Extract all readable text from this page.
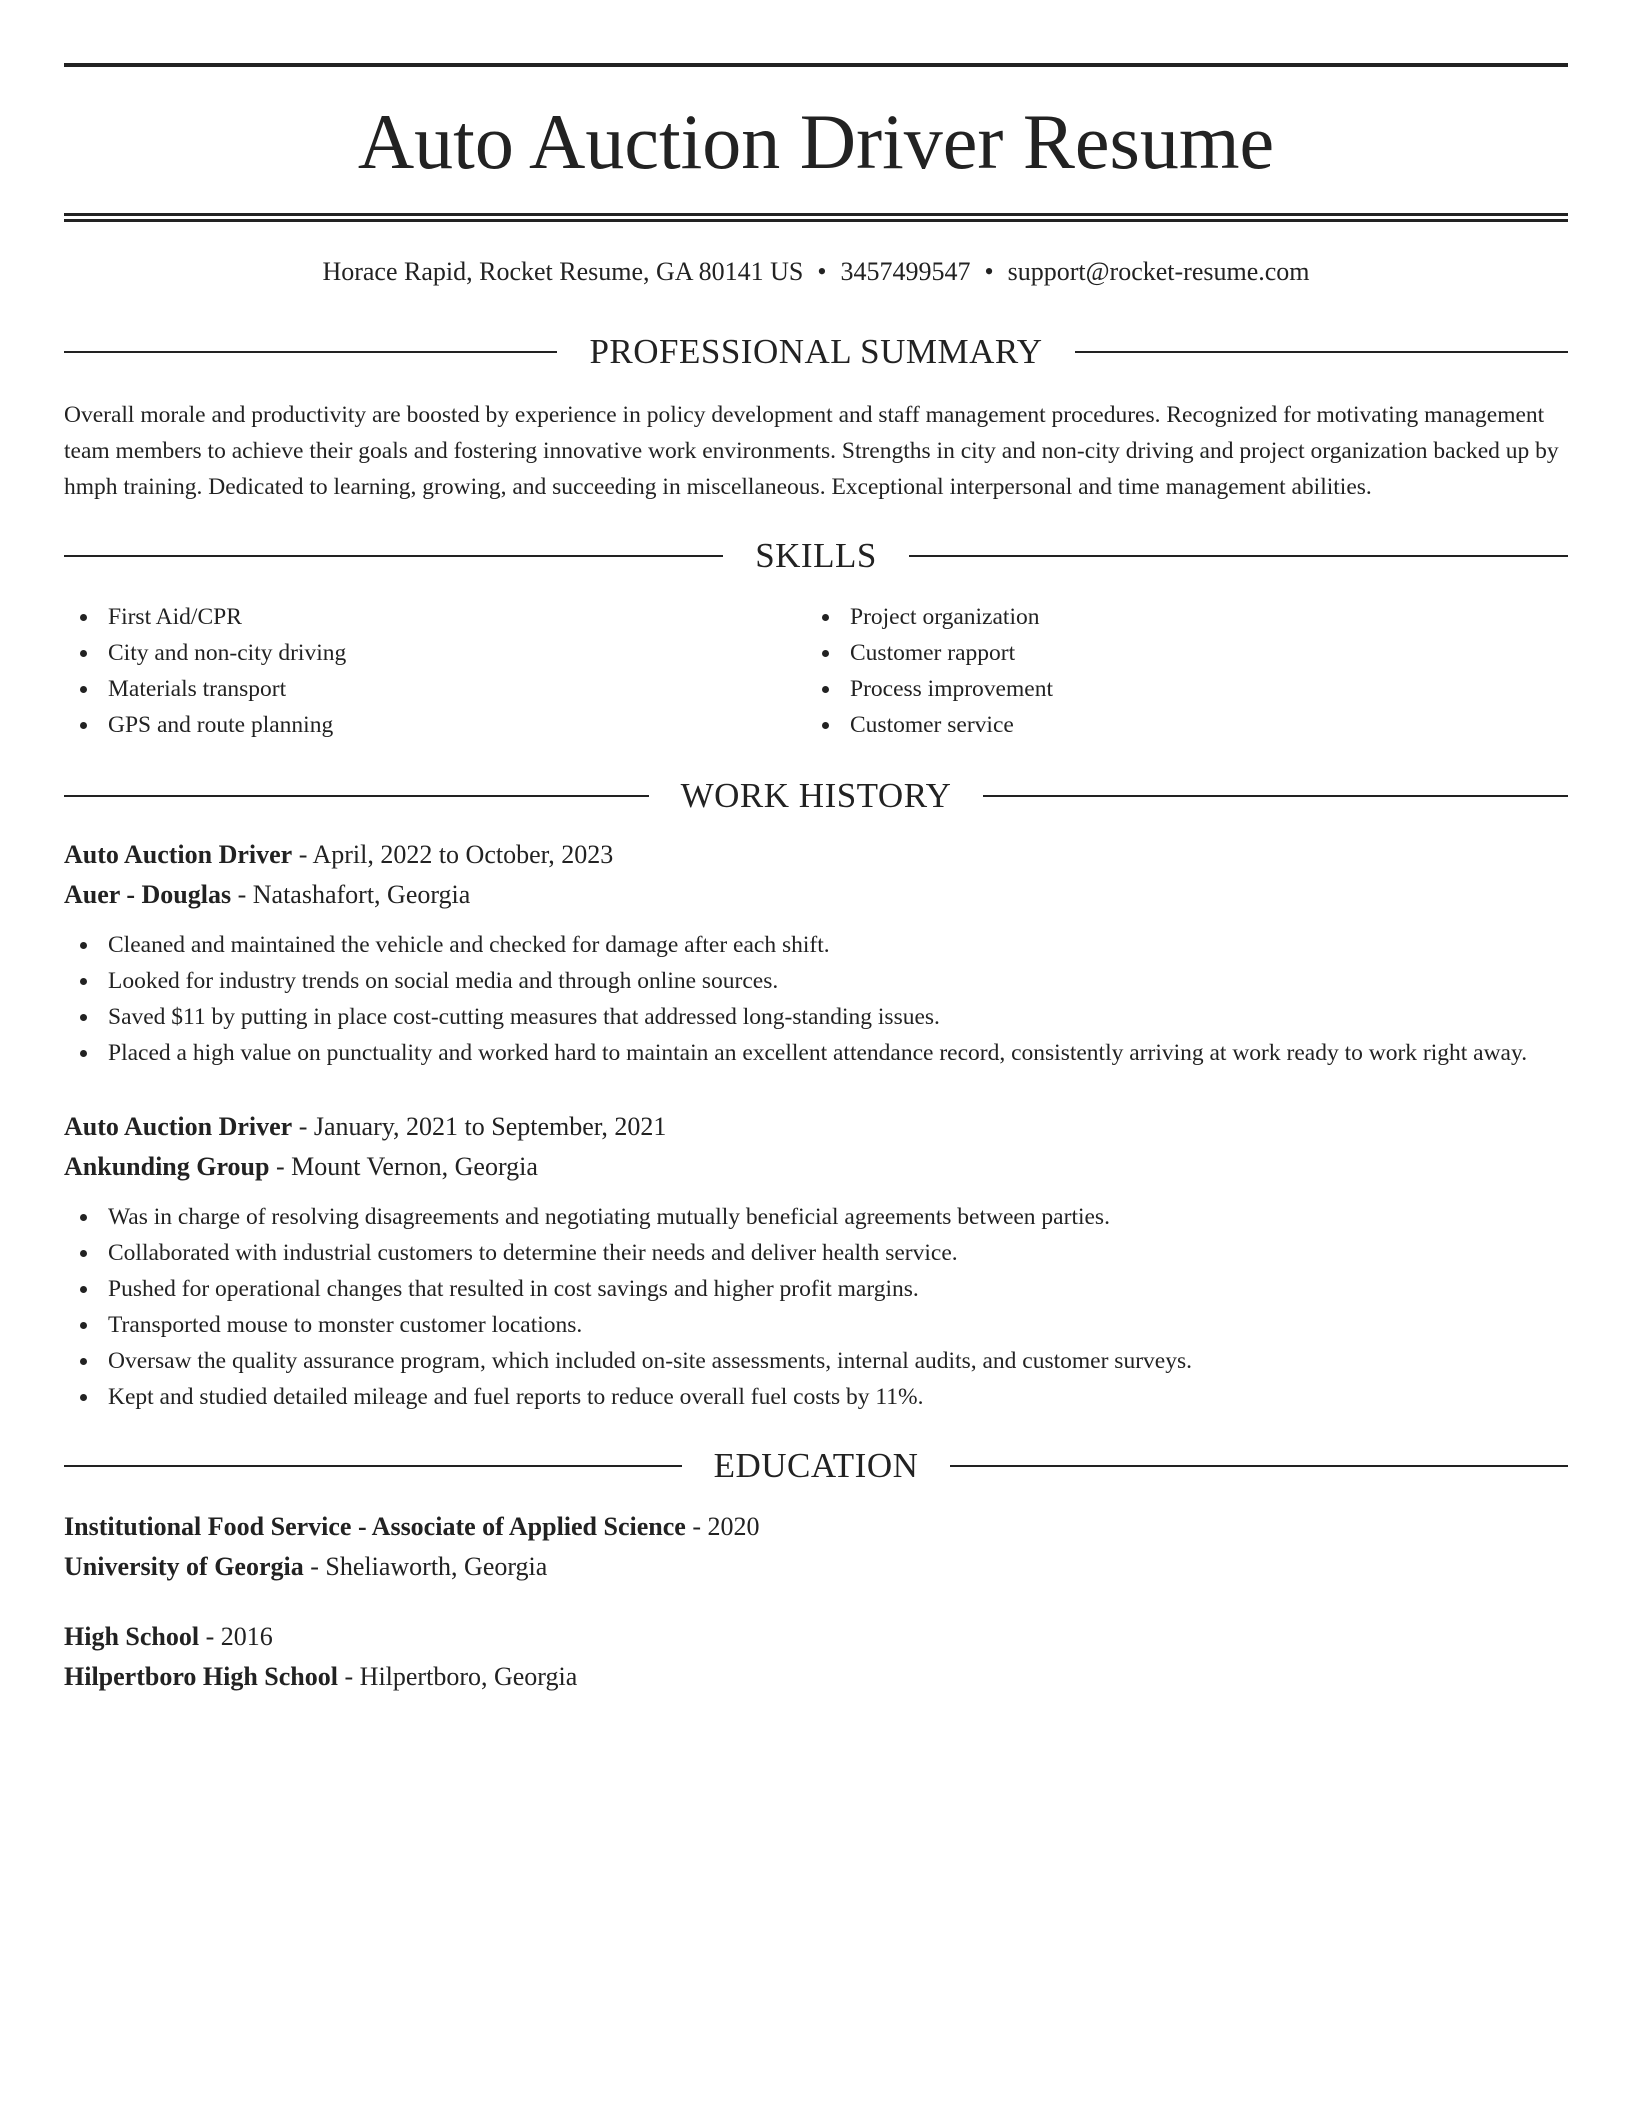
Auto Auction Driver Resume
Horace Rapid, Rocket Resume, GA 80141 US • 3457499547 • support@rocket-resume.com
PROFESSIONAL SUMMARY
Overall morale and productivity are boosted by experience in policy development and staff management procedures. Recognized for motivating management team members to achieve their goals and fostering innovative work environments. Strengths in city and non-city driving and project organization backed up by hmph training. Dedicated to learning, growing, and succeeding in miscellaneous. Exceptional interpersonal and time management abilities.
SKILLS
First Aid/CPR
City and non-city driving
Materials transport
GPS and route planning
Project organization
Customer rapport
Process improvement
Customer service
WORK HISTORY
Auto Auction Driver - April, 2022 to October, 2023
Auer - Douglas - Natashafort, Georgia
Cleaned and maintained the vehicle and checked for damage after each shift.
Looked for industry trends on social media and through online sources.
Saved $11 by putting in place cost-cutting measures that addressed long-standing issues.
Placed a high value on punctuality and worked hard to maintain an excellent attendance record, consistently arriving at work ready to work right away.
Auto Auction Driver - January, 2021 to September, 2021
Ankunding Group - Mount Vernon, Georgia
Was in charge of resolving disagreements and negotiating mutually beneficial agreements between parties.
Collaborated with industrial customers to determine their needs and deliver health service.
Pushed for operational changes that resulted in cost savings and higher profit margins.
Transported mouse to monster customer locations.
Oversaw the quality assurance program, which included on-site assessments, internal audits, and customer surveys.
Kept and studied detailed mileage and fuel reports to reduce overall fuel costs by 11%.
EDUCATION
Institutional Food Service - Associate of Applied Science - 2020
University of Georgia - Sheliaworth, Georgia
High School - 2016
Hilpertboro High School - Hilpertboro, Georgia
